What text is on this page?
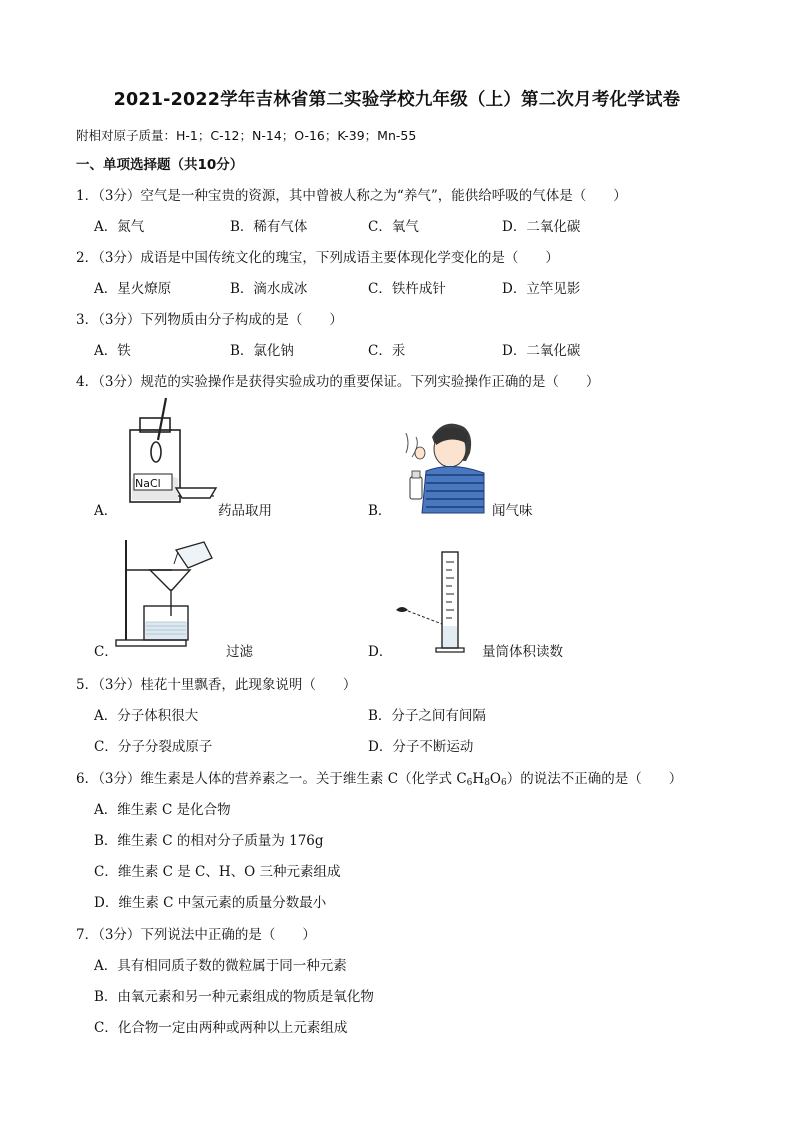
2021-2022学年吉林省第二实验学校九年级（上）第二次月考化学试卷
附相对原子质量：H-1；C-12；N-14；O-16；K-39；Mn-55
一、单项选择题（共10分）
1．（3分）空气是一种宝贵的资源，其中曾被人称之为“养气”，能供给呼吸的气体是（　　）
A．氮气	B．稀有气体	C．氧气	D．二氧化碳
2．（3分）成语是中国传统文化的瑰宝，下列成语主要体现化学变化的是（　　）
A．星火燎原	B．滴水成冰	C．铁杵成针	D．立竿见影
3．（3分）下列物质由分子构成的是（　　）
A．铁	B．氯化钠	C．汞	D．二氧化碳
4．（3分）规范的实验操作是获得实验成功的重要保证。下列实验操作正确的是（　　）
NaCl
A．	药品取用	B．	闻气味
C．	过滤	D．	量筒体积读数
5．（3分）桂花十里飘香，此现象说明（　　）
A．分子体积很大	B．分子之间有间隔
C．分子分裂成原子	D．分子不断运动
6．（3分）维生素是人体的营养素之一。关于维生素 C（化学式 $C_6H_8O_6$）的说法不正确的是（　　）
A．维生素 C 是化合物
B．维生素 C 的相对分子质量为 176g
C．维生素 C 是 C、H、O 三种元素组成
D．维生素 C 中氢元素的质量分数最小
7．（3分）下列说法中正确的是（　　）
A．具有相同质子数的微粒属于同一种元素
B．由氧元素和另一种元素组成的物质是氧化物
C．化合物一定由两种或两种以上元素组成
